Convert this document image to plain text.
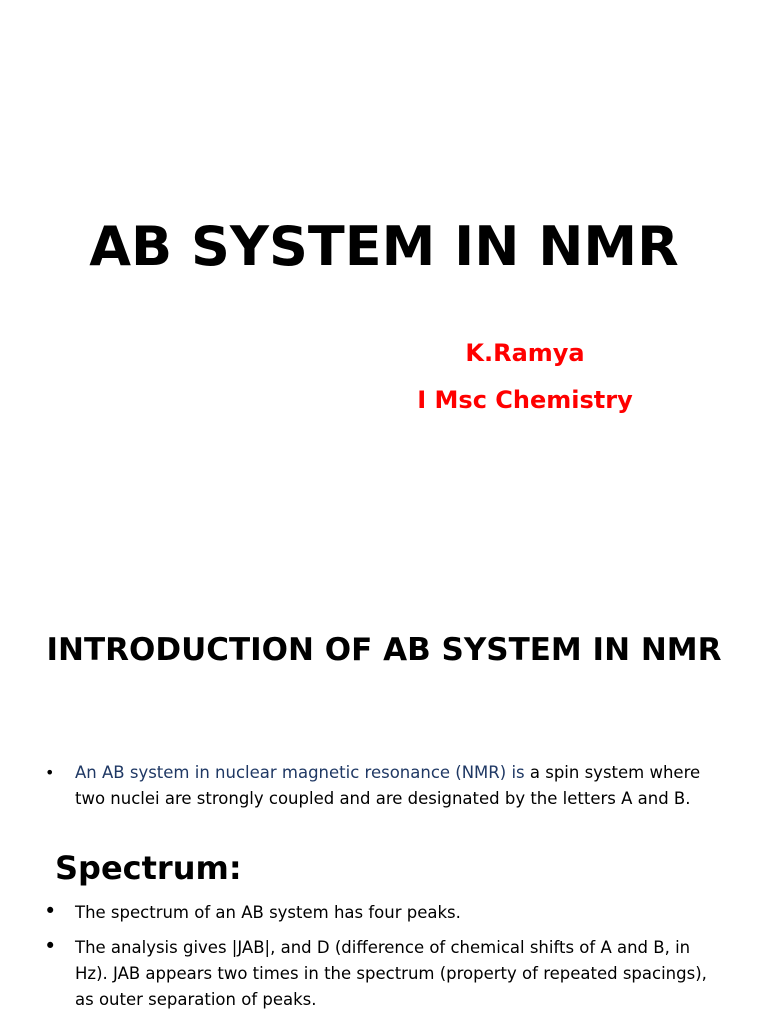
AB SYSTEM IN NMR

K.Ramya

I Msc Chemistry

INTRODUCTION OF AB SYSTEM IN NMR
• An AB system in nuclear magnetic resonance (NMR) is a spin system where two nuclei are strongly coupled and are designated by the letters A and B.

Spectrum:
• The spectrum of an AB system has four peaks.

• The analysis gives |JAB|, and D (difference of chemical shifts of A and B, in Hz). JAB appears two times in the spectrum (property of repeated spacings), as outer separation of peaks.
